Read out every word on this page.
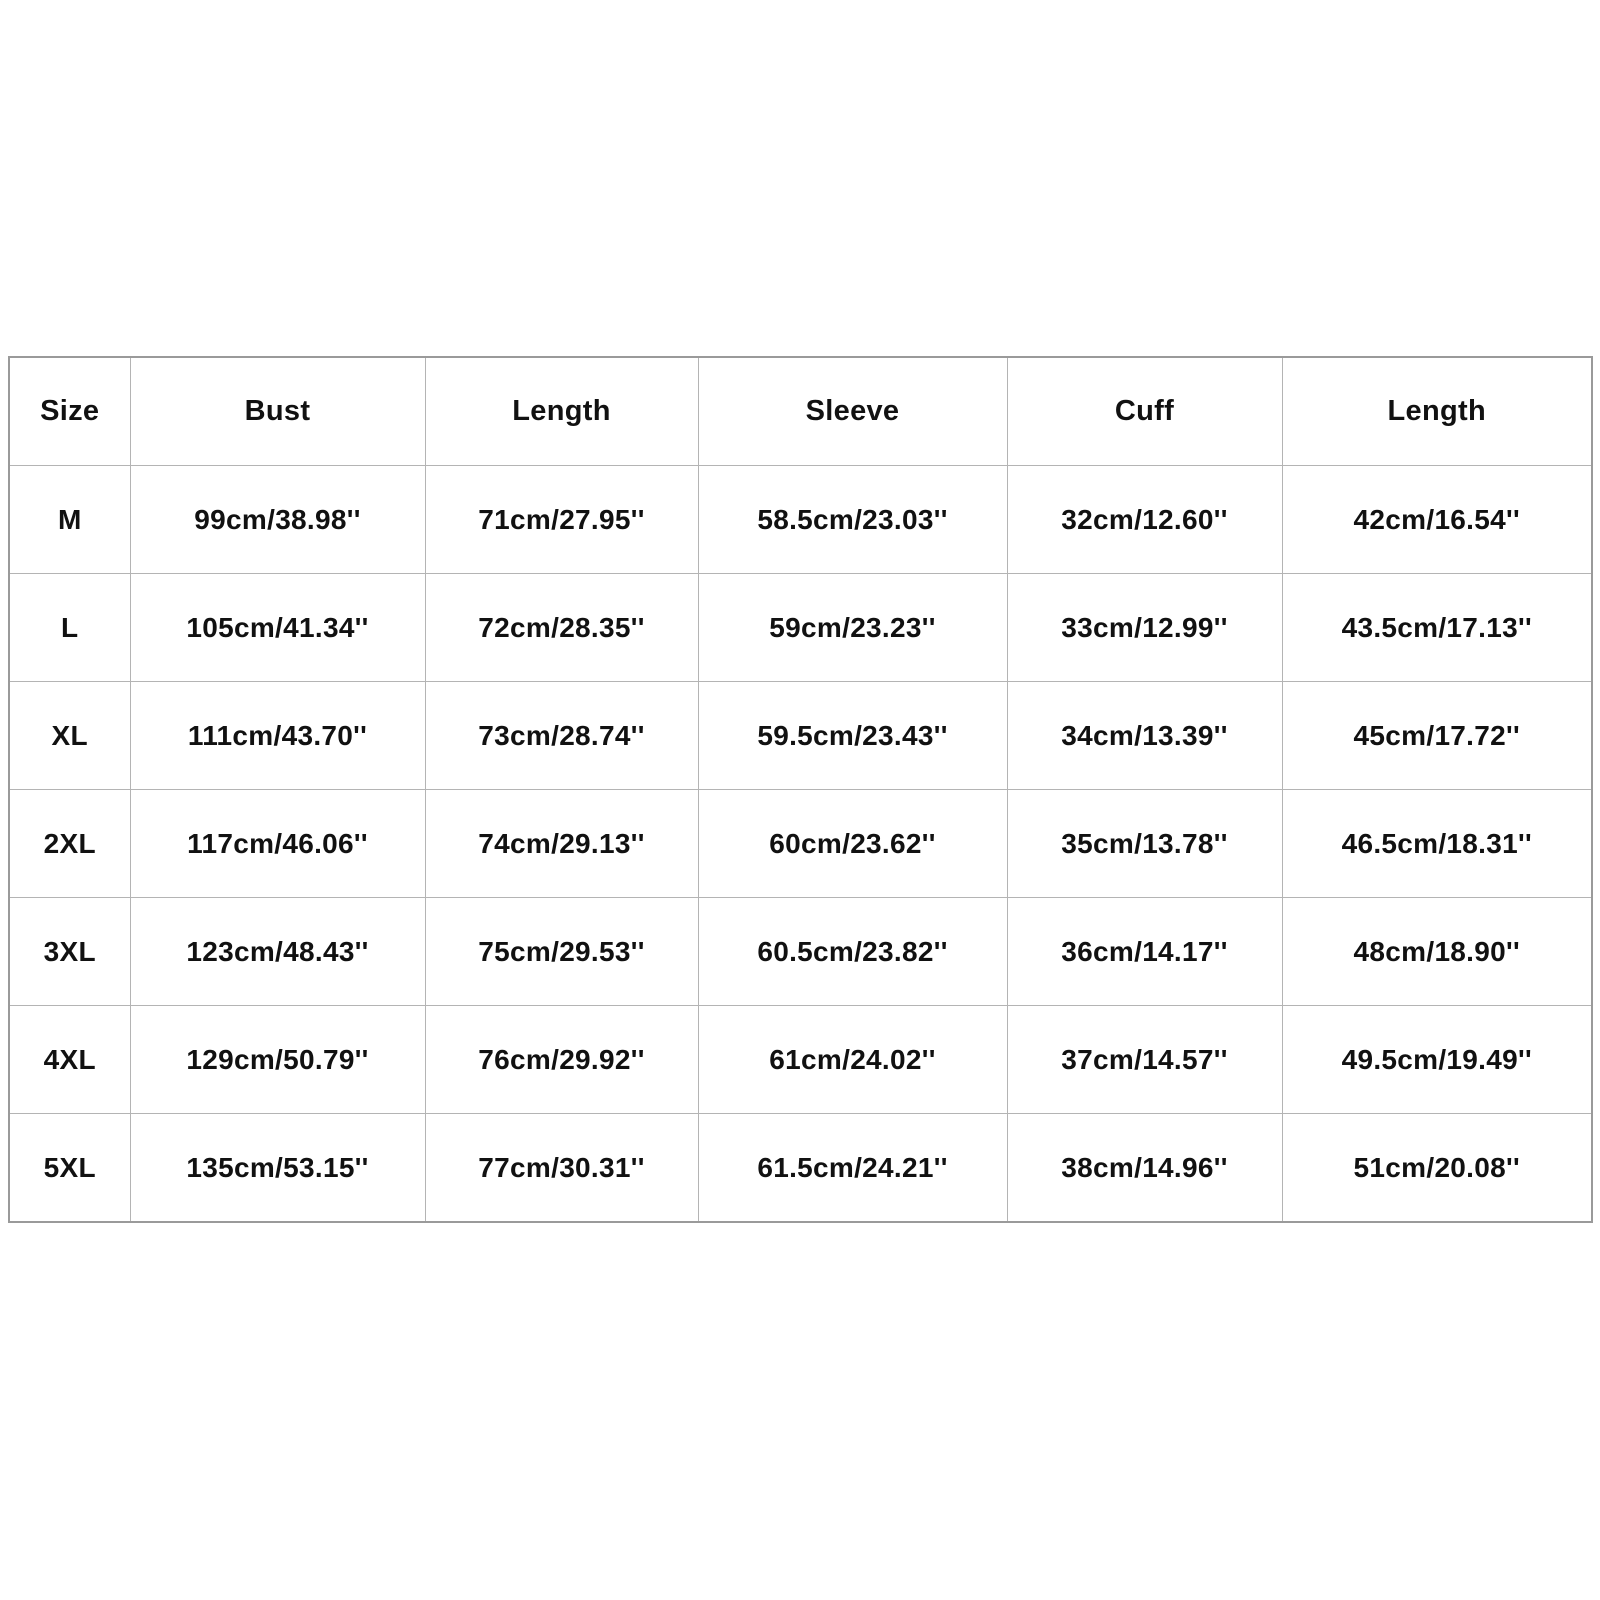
Size	Bust	Length	Sleeve	Cuff	Length
M	99cm/38.98''	71cm/27.95''	58.5cm/23.03''	32cm/12.60''	42cm/16.54''
L	105cm/41.34''	72cm/28.35''	59cm/23.23''	33cm/12.99''	43.5cm/17.13''
XL	111cm/43.70''	73cm/28.74''	59.5cm/23.43''	34cm/13.39''	45cm/17.72''
2XL	117cm/46.06''	74cm/29.13''	60cm/23.62''	35cm/13.78''	46.5cm/18.31''
3XL	123cm/48.43''	75cm/29.53''	60.5cm/23.82''	36cm/14.17''	48cm/18.90''
4XL	129cm/50.79''	76cm/29.92''	61cm/24.02''	37cm/14.57''	49.5cm/19.49''
5XL	135cm/53.15''	77cm/30.31''	61.5cm/24.21''	38cm/14.96''	51cm/20.08''
